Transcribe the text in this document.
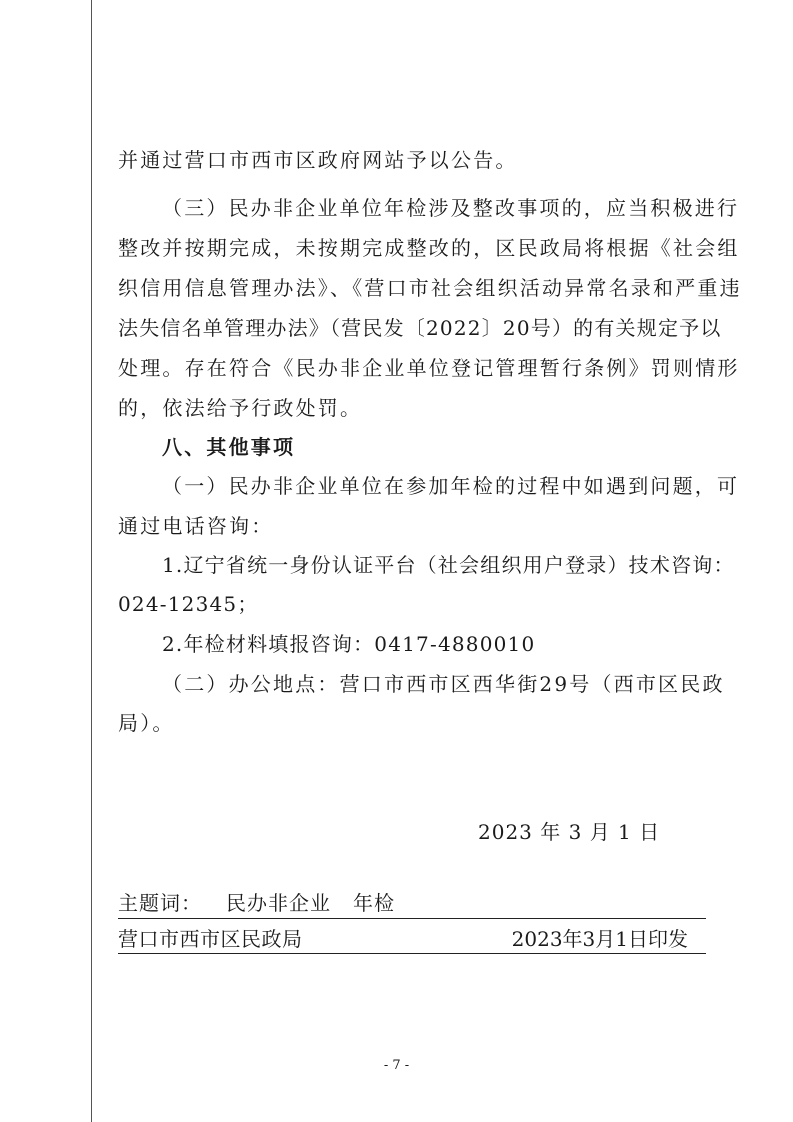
并通过营口市西市区政府网站予以公告。
（三）民办非企业单位年检涉及整改事项的，应当积极进行
整改并按期完成，未按期完成整改的，区民政局将根据《社会组
织信用信息管理办法》、《营口市社会组织活动异常名录和严重违
法失信名单管理办法》（营民发〔2022〕20号）的有关规定予以
处理。存在符合《民办非企业单位登记管理暂行条例》罚则情形
的，依法给予行政处罚。
八、其他事项
（一）民办非企业单位在参加年检的过程中如遇到问题，可
通过电话咨询：
1.辽宁省统一身份认证平台（社会组织用户登录）技术咨询：
024-12345；
2.年检材料填报咨询：0417-4880010
（二）办公地点：营口市西市区西华街29号（西市区民政
局）。
2023 年 3 月 1 日
主题词： 民办非企业 年检
营口市西市区民政局	2023年3月1日印发
- 7 -
